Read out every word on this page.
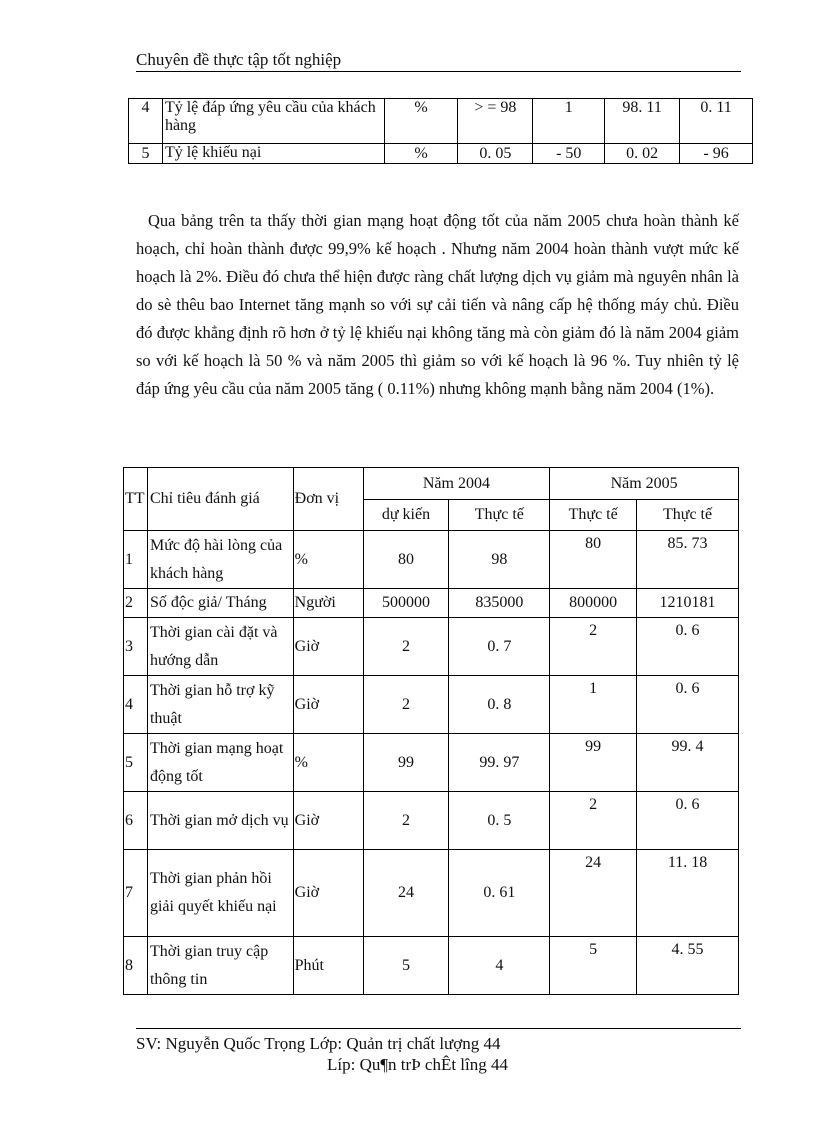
Chuyên đề thực tập tốt nghiệp
4	Tỷ lệ đáp ứng yêu cầu của khách hàng	%	> = 98	1	98. 11	0. 11
5	Tỷ lệ khiếu nại	%	0. 05	- 50	0. 02	- 96
Qua bảng trên ta thấy thời gian mạng hoạt động tốt của năm 2005 chưa hoàn thành kế hoạch, chỉ hoàn thành được 99,9% kế hoạch . Nhưng năm 2004 hoàn thành vượt mức kế hoạch là 2%. Điều đó chưa thể hiện được ràng chất lượng dịch vụ giảm mà nguyên nhân là do sè thêu bao Internet tăng mạnh so với sự cải tiến và nâng cấp hệ thống máy chủ. Điều đó được khẳng định rõ hơn ở tỷ lệ khiếu nại không tăng mà còn giảm đó là năm 2004 giảm so với kế hoạch là 50 % và năm 2005 thì giảm so với kế hoạch là 96 %. Tuy nhiên tỷ lệ đáp ứng yêu cầu của năm 2005 tăng ( 0.11%) nhưng không mạnh bằng năm 2004 (1%).
TT	Chỉ tiêu đánh giá	Đơn vị	Năm 2004		Năm 2005	
			dự kiến	Thực tế	Thực tế	Thực tế
1	Mức độ hài lòng của khách hàng	%	80	98	80	85. 73
2	Số độc giả/ Tháng	Người	500000	835000	800000	1210181
3	Thời gian cài đặt và hướng dẫn	Giờ	2	0. 7	2	0. 6
4	Thời gian hỗ trợ kỹ thuật	Giờ	2	0. 8	1	0. 6
5	Thời gian mạng hoạt động tốt	%	99	99. 97	99	99. 4
6	Thời gian mở dịch vụ	Giờ	2	0. 5	2	0. 6
7	Thời gian phản hồi giải quyết khiếu nại	Giờ	24	0. 61	24	11. 18
8	Thời gian truy cập thông tin	Phút	5	4	5	4. 55
SV: Nguyễn Quốc Trọng Lớp: Quản trị chất lượng 44
Líp: Qu¶n trÞ chÊt lîng 44
